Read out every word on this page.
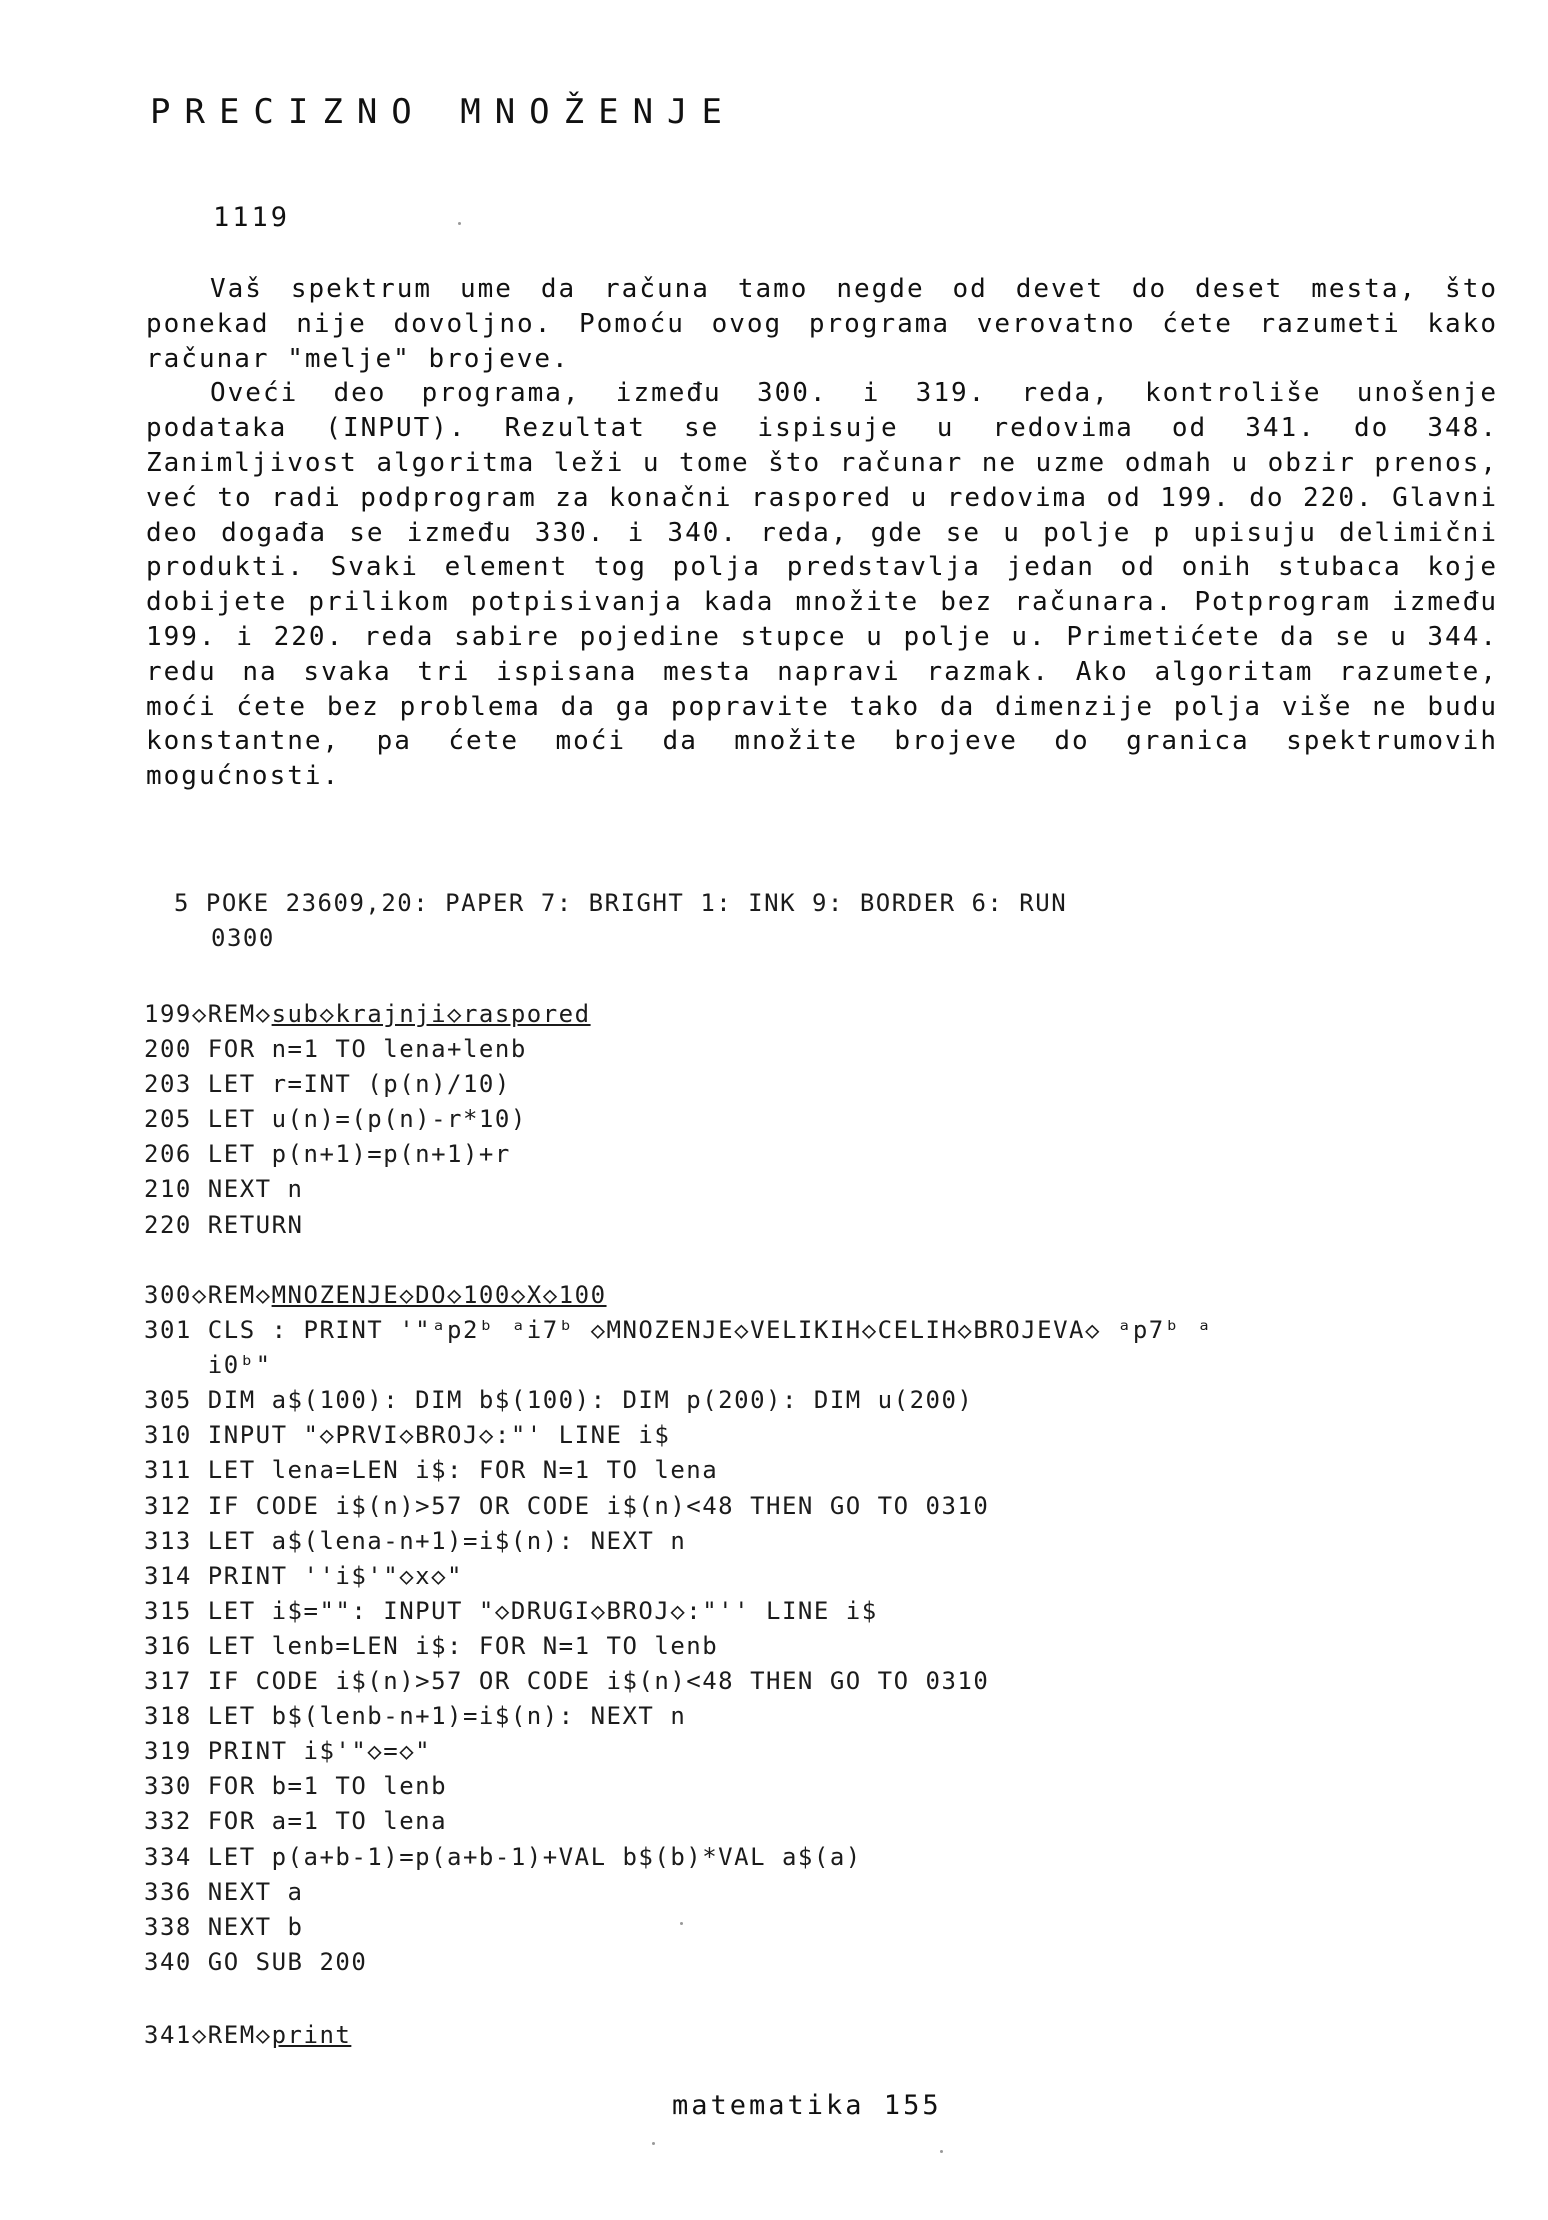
PRECIZNO MNOŽENJE
1119

Vaš spektrum ume da računa tamo negde od devet do deset mesta, što ponekad nije dovoljno. Pomoću ovog programa verovatno ćete razumeti kako računar "melje" brojeve.

Oveći deo programa, između 300. i 319. reda, kontroliše unošenje podataka (INPUT). Rezultat se ispisuje u redovima od 341. do 348. Zanimljivost algoritma leži u tome što računar ne uzme odmah u obzir prenos, već to radi podprogram za konačni raspored u redovima od 199. do 220. Glavni deo događa se između 330. i 340. reda, gde se u polje p upisuju delimični produkti. Svaki element tog polja predstavlja jedan od onih stubaca koje dobijete prilikom potpisivanja kada množite bez računara. Potprogram između 199. i 220. reda sabire pojedine stupce u polje u. Primetićete da se u 344. redu na svaka tri ispisana mesta napravi razmak. Ako algoritam razumete, moći ćete bez problema da ga popravite tako da dimenzije polja više ne budu konstantne, pa ćete moći da množite brojeve do granica spektrumovih mogućnosti.

5 POKE 23609,20: PAPER 7: BRIGHT 1: INK 9: BORDER 6: RUN
0300
199◇REM◇sub◇krajnji◇raspored
200 FOR n=1 TO lena+lenb
203 LET r=INT (p(n)/10)
205 LET u(n)=(p(n)-r*10)
206 LET p(n+1)=p(n+1)+r
210 NEXT n
220 RETURN
300◇REM◇MNOZENJE◇DO◇100◇X◇100
301 CLS : PRINT '"ᵃp2ᵇ ᵃi7ᵇ ◇MNOZENJE◇VELIKIH◇CELIH◇BROJEVA◇ ᵃp7ᵇ ᵃ
i0ᵇ"
305 DIM a$(100): DIM b$(100): DIM p(200): DIM u(200)
310 INPUT "◇PRVI◇BROJ◇:"' LINE i$
311 LET lena=LEN i$: FOR N=1 TO lena
312 IF CODE i$(n)>57 OR CODE i$(n)<48 THEN GO TO 0310
313 LET a$(lena-n+1)=i$(n): NEXT n
314 PRINT ''i$'"◇x◇"
315 LET i$="": INPUT "◇DRUGI◇BROJ◇:"'' LINE i$
316 LET lenb=LEN i$: FOR N=1 TO lenb
317 IF CODE i$(n)>57 OR CODE i$(n)<48 THEN GO TO 0310
318 LET b$(lenb-n+1)=i$(n): NEXT n
319 PRINT i$'"◇=◇"
330 FOR b=1 TO lenb
332 FOR a=1 TO lena
334 LET p(a+b-1)=p(a+b-1)+VAL b$(b)*VAL a$(a)
336 NEXT a
338 NEXT b
340 GO SUB 200
341◇REM◇print
matematika 155
